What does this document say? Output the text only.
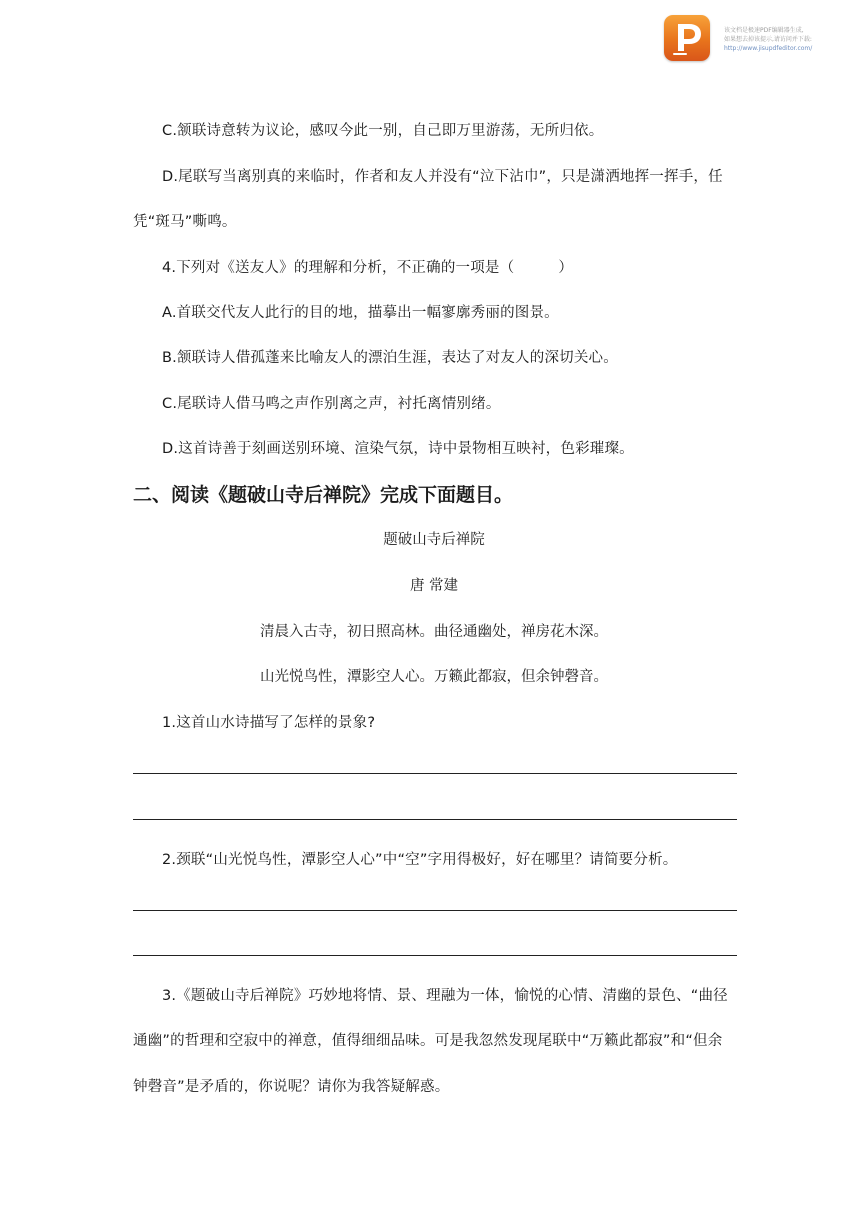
该文档是极速PDF编辑器生成,
如果想去掉该提示,请访问并下载:
http://www.jisupdfeditor.com/
C.颔联诗意转为议论，感叹今此一别，自己即万里游荡，无所归依。
D.尾联写当离别真的来临时，作者和友人并没有“泣下沾巾”，只是潇洒地挥一挥手，任
凭“斑马”嘶鸣。
4.下列对《送友人》的理解和分析，不正确的一项是（　　　）
A.首联交代友人此行的目的地，描摹出一幅寥廓秀丽的图景。
B.颔联诗人借孤蓬来比喻友人的漂泊生涯，表达了对友人的深切关心。
C.尾联诗人借马鸣之声作别离之声，衬托离情别绪。
D.这首诗善于刻画送别环境、渲染气氛，诗中景物相互映衬，色彩璀璨。
二、阅读《题破山寺后禅院》完成下面题目。
题破山寺后禅院
唐 常建
清晨入古寺，初日照高林。曲径通幽处，禅房花木深。
山光悦鸟性，潭影空人心。万籁此都寂，但余钟磬音。
1.这首山水诗描写了怎样的景象?
2.颈联“山光悦鸟性，潭影空人心”中“空”字用得极好，好在哪里？请简要分析。
3.《题破山寺后禅院》巧妙地将情、景、理融为一体，愉悦的心情、清幽的景色、“曲径
通幽”的哲理和空寂中的禅意，值得细细品味。可是我忽然发现尾联中“万籁此都寂”和“但余
钟磬音”是矛盾的，你说呢？请你为我答疑解惑。
